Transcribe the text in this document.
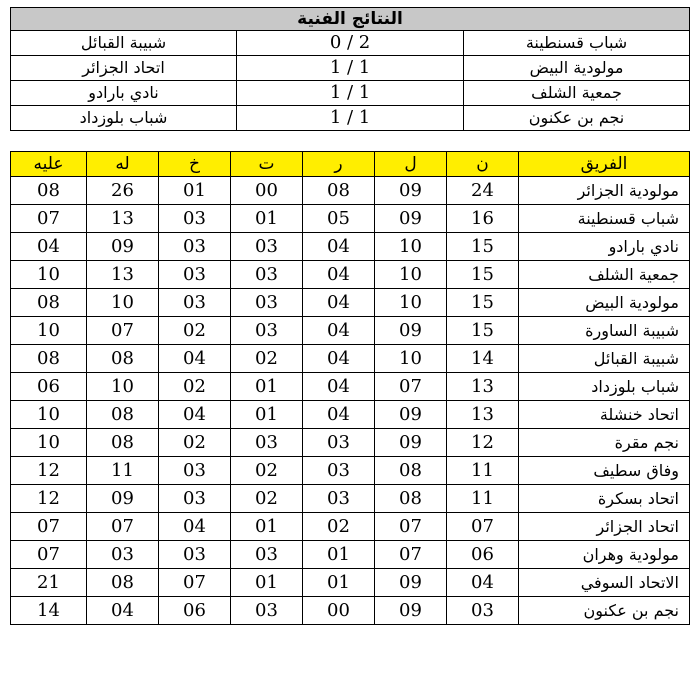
النتائج الفنية		
شباب قسنطينة	0 / 2	شبيبة القبائل
مولودية البيض	1 / 1	اتحاد الجزائر
جمعية الشلف	1 / 1	نادي بارادو
نجم بن عكنون	1 / 1	شباب بلوزداد
الفريق	ن	ل	ر	ت	خ	له	عليه
مولودية الجزائر	24	09	08	00	01	26	08
شباب قسنطينة	16	09	05	01	03	13	07
نادي بارادو	15	10	04	03	03	09	04
جمعية الشلف	15	10	04	03	03	13	10
مولودية البيض	15	10	04	03	03	10	08
شبيبة الساورة	15	09	04	03	02	07	10
شبيبة القبائل	14	10	04	02	04	08	08
شباب بلوزداد	13	07	04	01	02	10	06
اتحاد خنشلة	13	09	04	01	04	08	10
نجم مقرة	12	09	03	03	02	08	10
وفاق سطيف	11	08	03	02	03	11	12
اتحاد بسكرة	11	08	03	02	03	09	12
اتحاد الجزائر	07	07	02	01	04	07	07
مولودية وهران	06	07	01	03	03	03	07
الاتحاد السوفي	04	09	01	01	07	08	21
نجم بن عكنون	03	09	00	03	06	04	14
